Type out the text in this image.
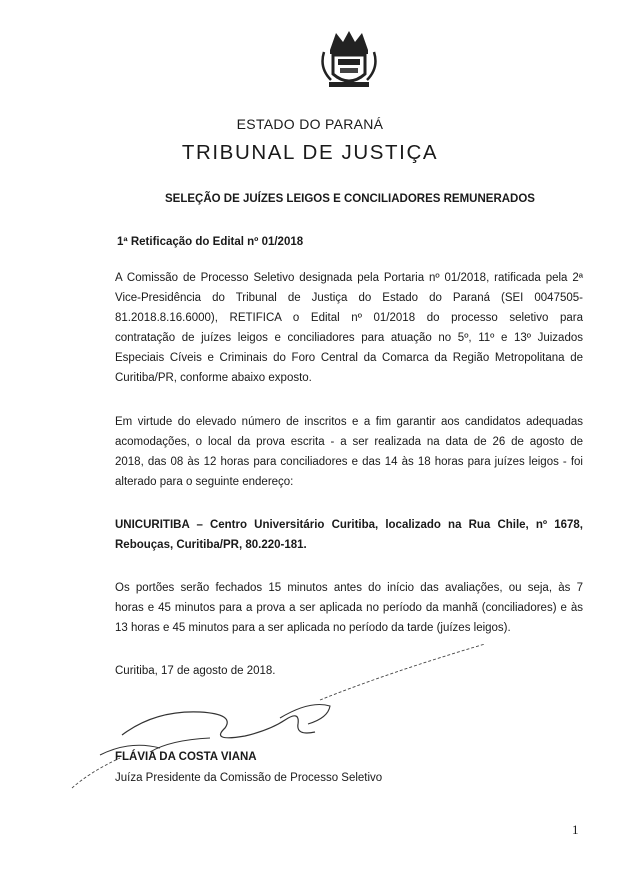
ESTADO DO PARANÁ
TRIBUNAL DE JUSTIÇA
SELEÇÃO DE JUÍZES LEIGOS E CONCILIADORES REMUNERADOS
1ª Retificação do Edital nº 01/2018
A Comissão de Processo Seletivo designada pela Portaria nº 01/2018, ratificada pela 2ª
Vice-Presidência do Tribunal de Justiça do Estado do Paraná (SEI 0047505-
81.2018.8.16.6000), RETIFICA o Edital nº 01/2018 do processo seletivo para
contratação de juízes leigos e conciliadores para atuação no 5º, 11º e 13º Juizados
Especiais Cíveis e Criminais do Foro Central da Comarca da Região Metropolitana de
Curitiba/PR, conforme abaixo exposto.
Em virtude do elevado número de inscritos e a fim garantir aos candidatos adequadas
acomodações, o local da prova escrita - a ser realizada na data de 26 de agosto de
2018, das 08 às 12 horas para conciliadores e das 14 às 18 horas para juízes leigos - foi
alterado para o seguinte endereço:
UNICURITIBA – Centro Universitário Curitiba, localizado na Rua Chile, nº 1678,
Rebouças, Curitiba/PR, 80.220-181.
Os portões serão fechados 15 minutos antes do início das avaliações, ou seja, às 7
horas e 45 minutos para a prova a ser aplicada no período da manhã (conciliadores) e às
13 horas e 45 minutos para a ser aplicada no período da tarde (juízes leigos).
Curitiba, 17 de agosto de 2018.
FLÁVIA DA COSTA VIANA
Juíza Presidente da Comissão de Processo Seletivo
1
